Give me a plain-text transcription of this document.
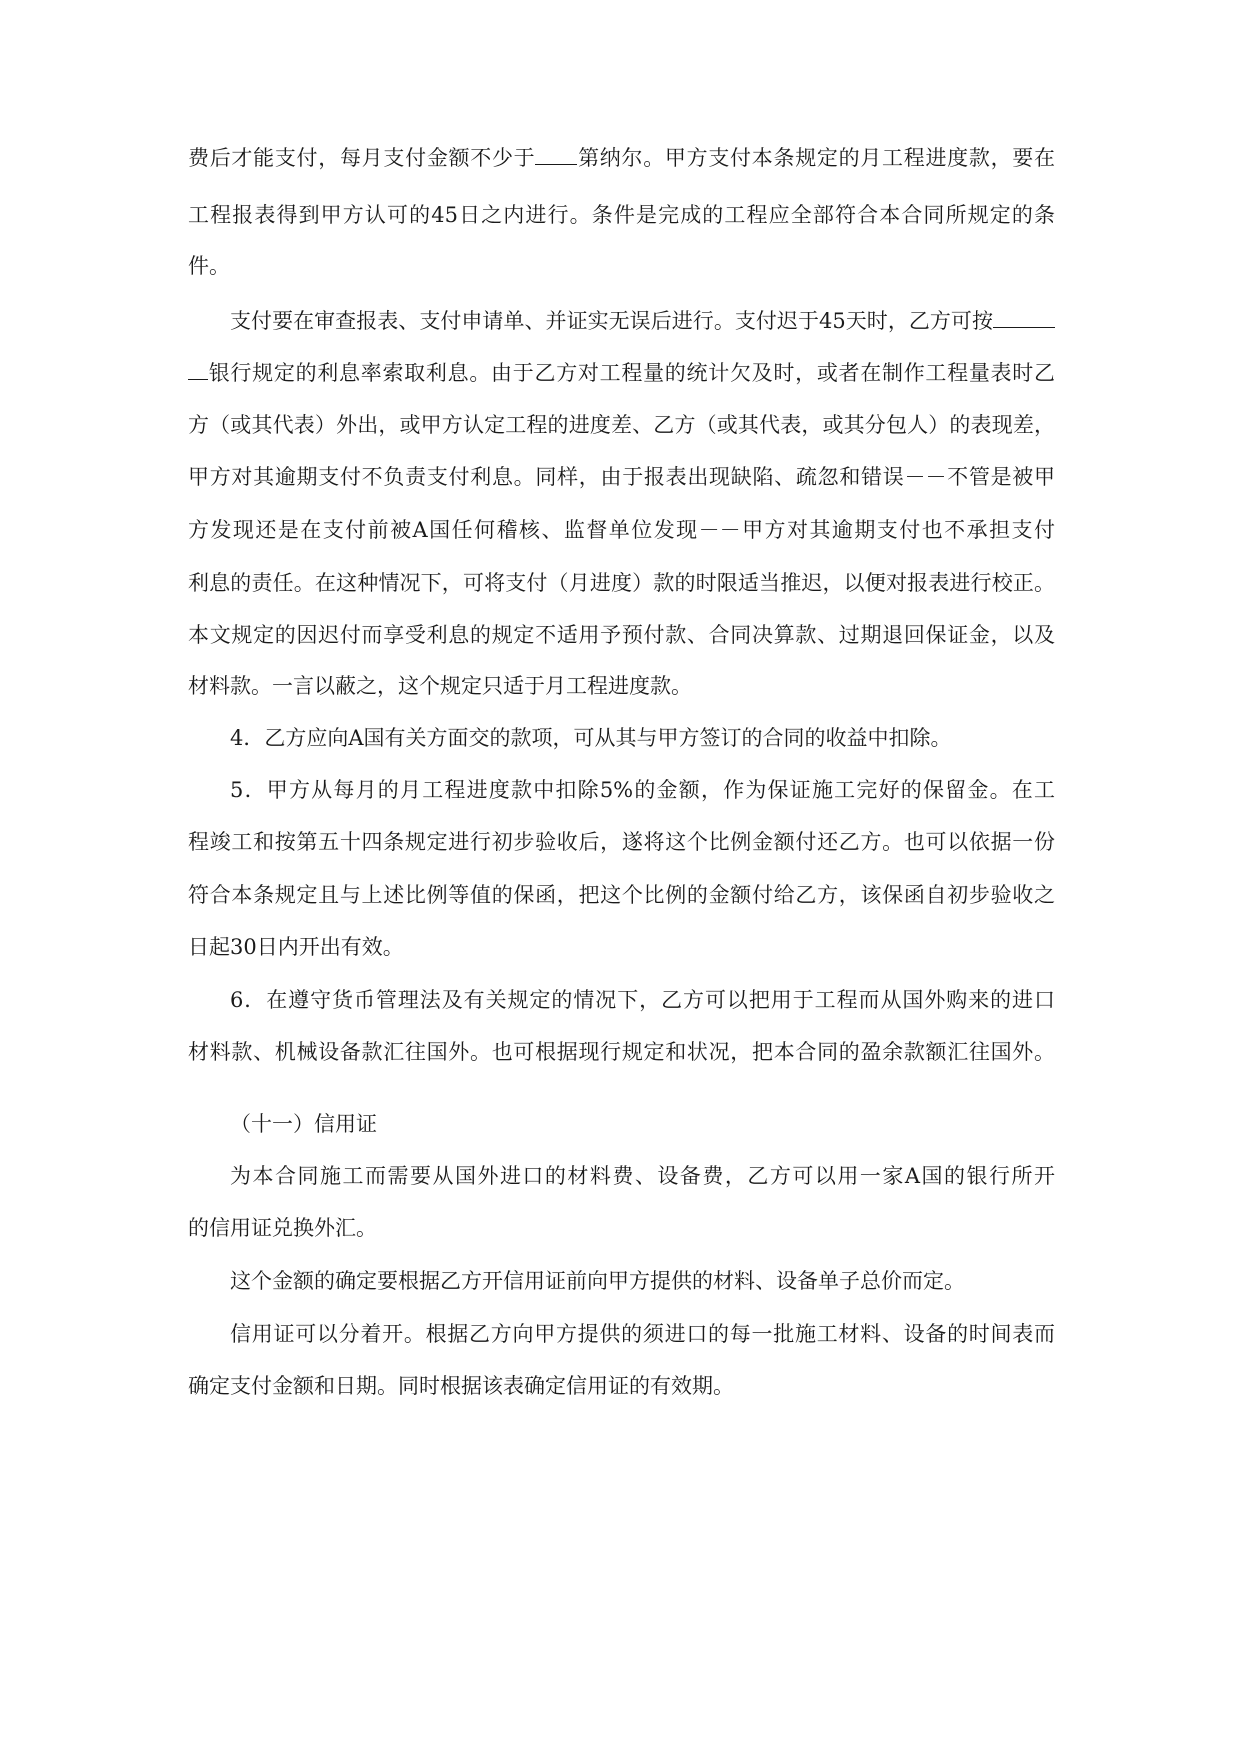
费后才能支付，每月支付金额不少于 第纳尔。甲方支付本条规定的月工程进度款，要在
工程报表得到甲方认可的45日之内进行。条件是完成的工程应全部符合本合同所规定的条
件。
支付要在审查报表、支付申请单、并证实无误后进行。支付迟于45天时，乙方可按
银行规定的利息率索取利息。由于乙方对工程量的统计欠及时，或者在制作工程量表时乙
方（或其代表）外出，或甲方认定工程的进度差、乙方（或其代表，或其分包人）的表现差，
甲方对其逾期支付不负责支付利息。同样，由于报表出现缺陷、疏忽和错误－－不管是被甲
方发现还是在支付前被A国任何稽核、监督单位发现－－甲方对其逾期支付也不承担支付
利息的责任。在这种情况下，可将支付（月进度）款的时限适当推迟，以便对报表进行校正。
本文规定的因迟付而享受利息的规定不适用予预付款、合同决算款、过期退回保证金，以及
材料款。一言以蔽之，这个规定只适于月工程进度款。
4．乙方应向A国有关方面交的款项，可从其与甲方签订的合同的收益中扣除。
5．甲方从每月的月工程进度款中扣除5%的金额，作为保证施工完好的保留金。在工
程竣工和按第五十四条规定进行初步验收后，遂将这个比例金额付还乙方。也可以依据一份
符合本条规定且与上述比例等值的保函，把这个比例的金额付给乙方，该保函自初步验收之
日起30日内开出有效。
6．在遵守货币管理法及有关规定的情况下，乙方可以把用于工程而从国外购来的进口
材料款、机械设备款汇往国外。也可根据现行规定和状况，把本合同的盈余款额汇往国外。
（十一）信用证
为本合同施工而需要从国外进口的材料费、设备费，乙方可以用一家A国的银行所开
的信用证兑换外汇。
这个金额的确定要根据乙方开信用证前向甲方提供的材料、设备单子总价而定。
信用证可以分着开。根据乙方向甲方提供的须进口的每一批施工材料、设备的时间表而
确定支付金额和日期。同时根据该表确定信用证的有效期。
